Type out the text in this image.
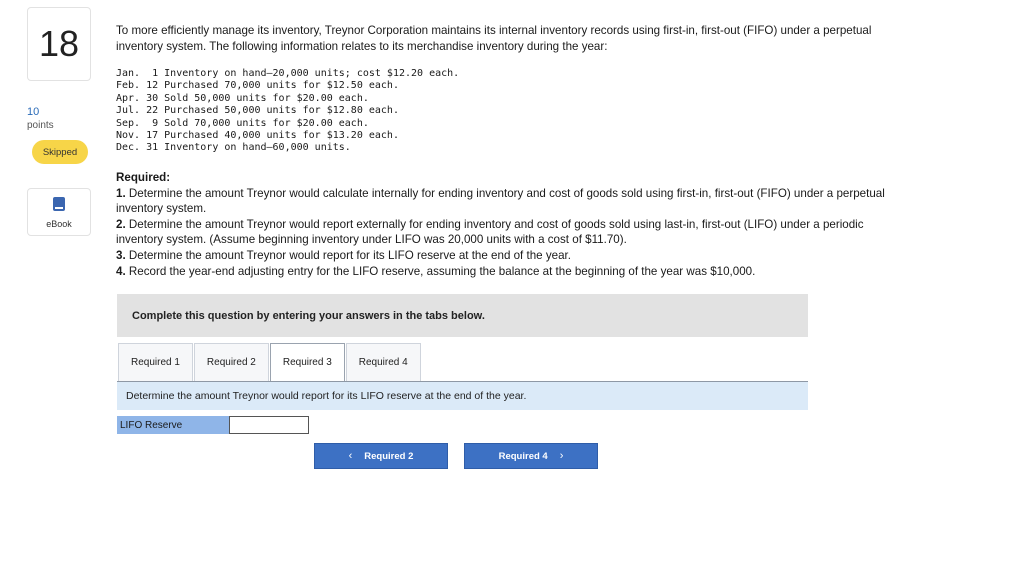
18
10
points
Skipped
eBook
To more efficiently manage its inventory, Treynor Corporation maintains its internal inventory records using first-in, first-out (FIFO) under a perpetual inventory system. The following information relates to its merchandise inventory during the year:
Jan.  1 Inventory on hand—20,000 units; cost $12.20 each.
Feb. 12 Purchased 70,000 units for $12.50 each.
Apr. 30 Sold 50,000 units for $20.00 each.
Jul. 22 Purchased 50,000 units for $12.80 each.
Sep.  9 Sold 70,000 units for $20.00 each.
Nov. 17 Purchased 40,000 units for $13.20 each.
Dec. 31 Inventory on hand—60,000 units.
Required:
1. Determine the amount Treynor would calculate internally for ending inventory and cost of goods sold using first-in, first-out (FIFO) under a perpetual inventory system.
2. Determine the amount Treynor would report externally for ending inventory and cost of goods sold using last-in, first-out (LIFO) under a periodic inventory system. (Assume beginning inventory under LIFO was 20,000 units with a cost of $11.70).
3. Determine the amount Treynor would report for its LIFO reserve at the end of the year.
4. Record the year-end adjusting entry for the LIFO reserve, assuming the balance at the beginning of the year was $10,000.
Complete this question by entering your answers in the tabs below.
Required 1	Required 2	Required 3	Required 4
Determine the amount Treynor would report for its LIFO reserve at the end of the year.
LIFO Reserve
‹ Required 2	Required 4 ›
